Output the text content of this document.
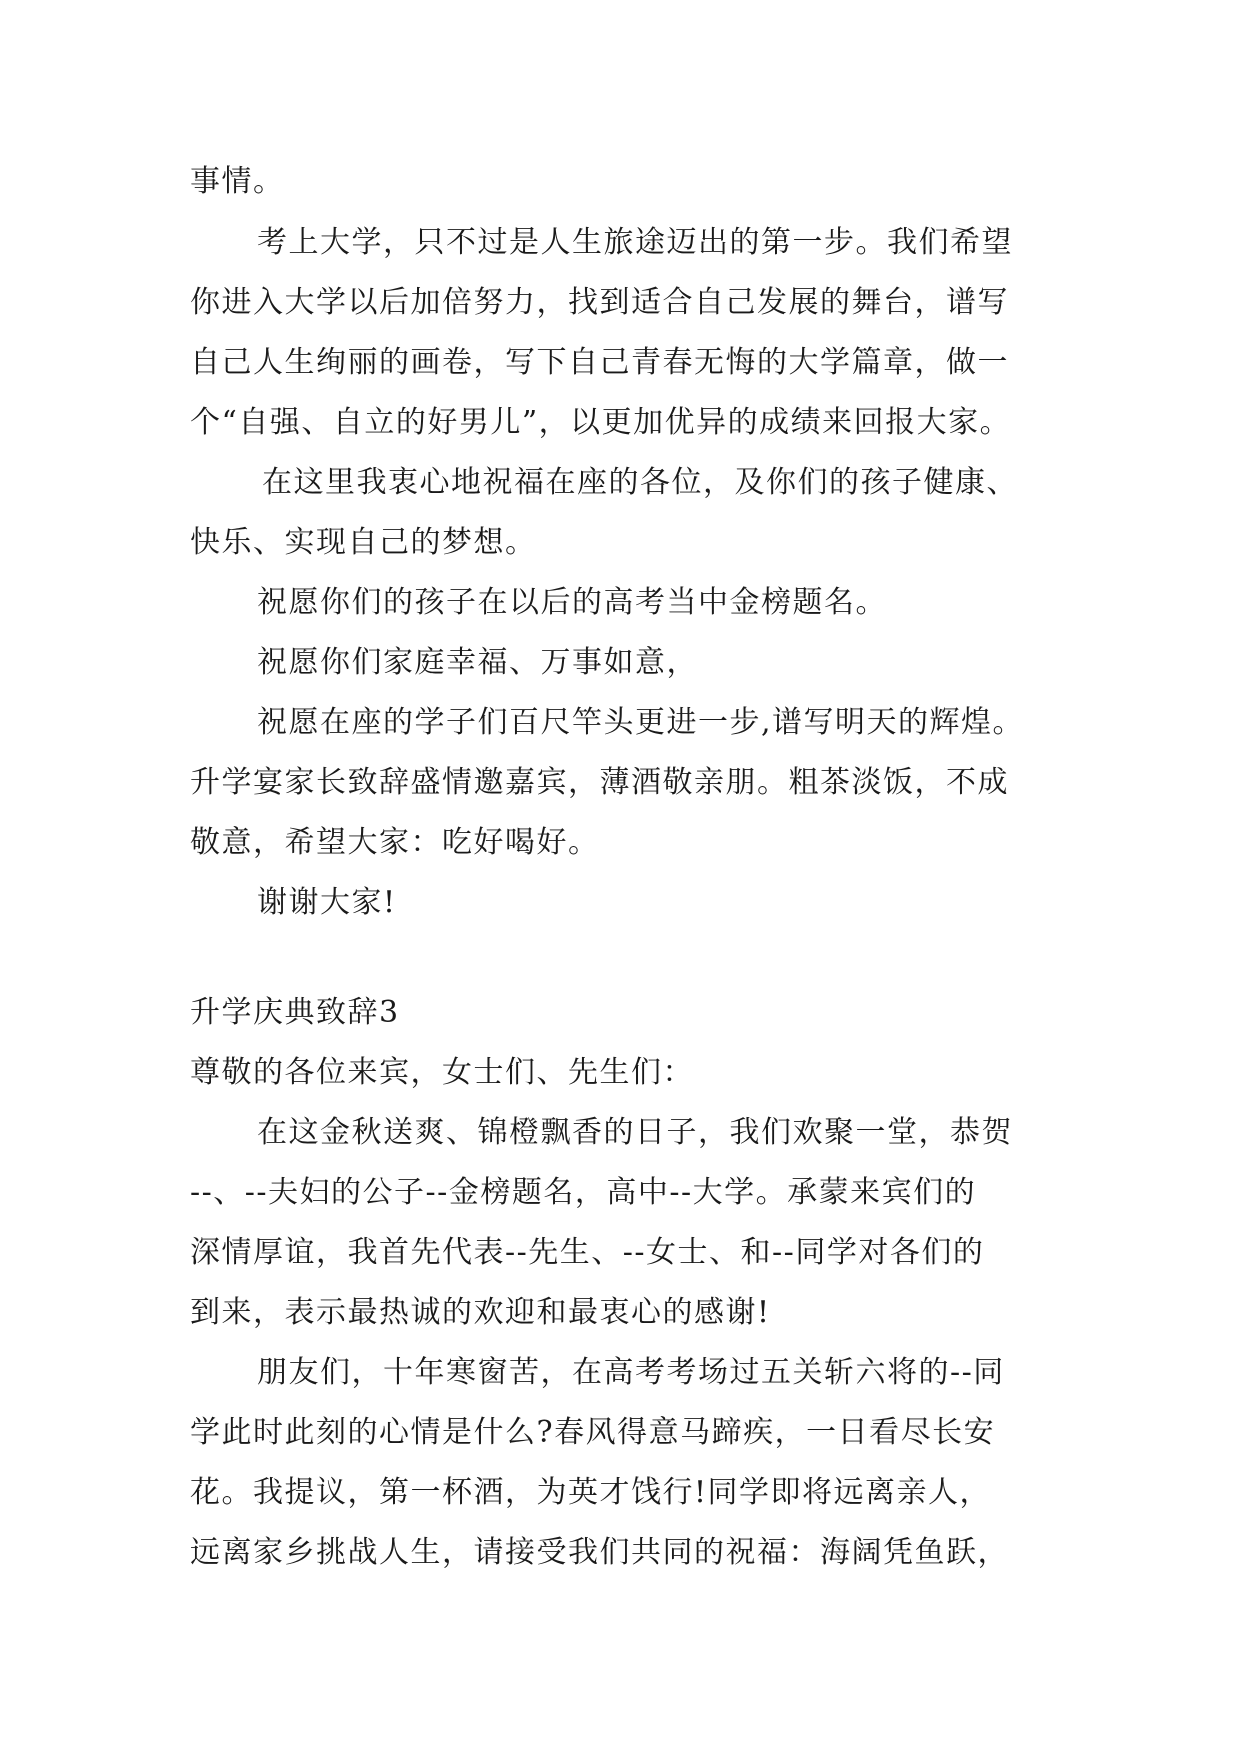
事情。
考上大学，只不过是人生旅途迈出的第一步。我们希望
你进入大学以后加倍努力，找到适合自己发展的舞台，谱写
自己人生绚丽的画卷，写下自己青春无悔的大学篇章，做一
个“自强、自立的好男儿”，以更加优异的成绩来回报大家。
在这里我衷心地祝福在座的各位，及你们的孩子健康、
快乐、实现自己的梦想。
祝愿你们的孩子在以后的高考当中金榜题名。
祝愿你们家庭幸福、万事如意，
祝愿在座的学子们百尺竿头更进一步,谱写明天的辉煌。
升学宴家长致辞盛情邀嘉宾，薄酒敬亲朋。粗茶淡饭，不成
敬意，希望大家：吃好喝好。
谢谢大家!
升学庆典致辞3
尊敬的各位来宾，女士们、先生们：
在这金秋送爽、锦橙飘香的日子，我们欢聚一堂，恭贺
--、--夫妇的公子--金榜题名，高中--大学。承蒙来宾们的
深情厚谊，我首先代表--先生、--女士、和--同学对各们的
到来，表示最热诚的欢迎和最衷心的感谢!
朋友们，十年寒窗苦，在高考考场过五关斩六将的--同
学此时此刻的心情是什么?春风得意马蹄疾，一日看尽长安
花。我提议，第一杯酒，为英才饯行!同学即将远离亲人，
远离家乡挑战人生，请接受我们共同的祝福：海阔凭鱼跃，
